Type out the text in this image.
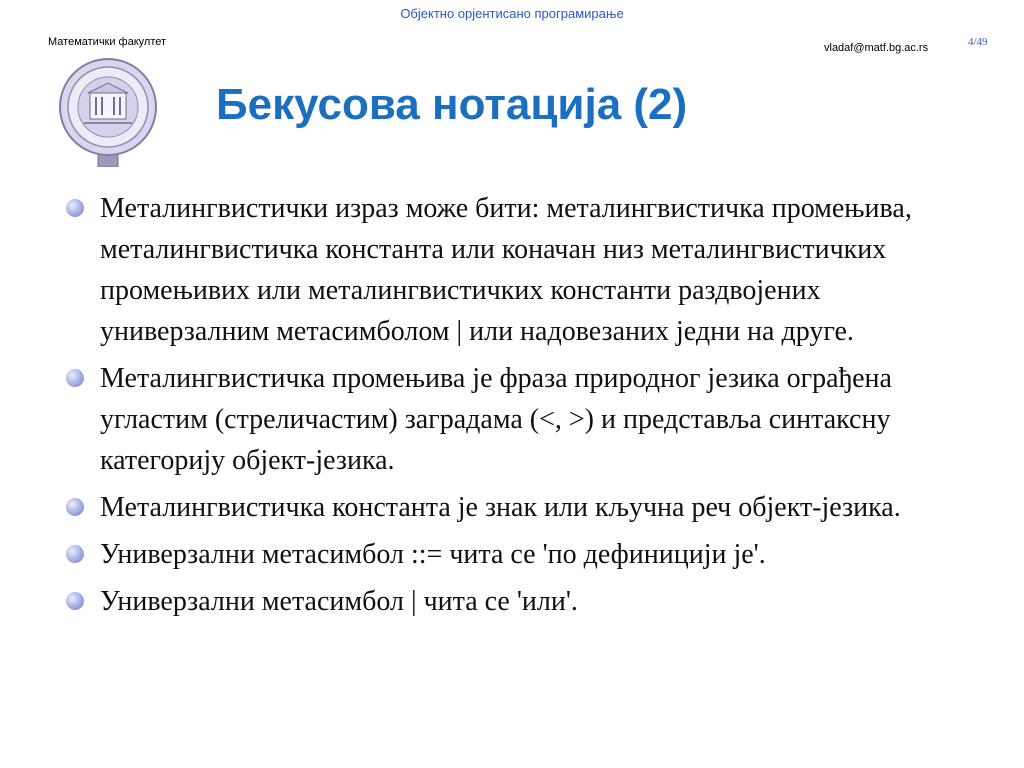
Објектно орјентисано програмирање
Математички факултет	vladaf@matf.bg.ac.rs	4/49
Бекусова нотација (2)
Металингвистички израз може бити: металингвистичка промењива, металингвистичка константа или коначан низ металингвистичких промењивих или металингвистичких константи раздвојених универзалним метасимболом | или надовезаних једни на друге.
Металингвистичка промењива је фраза природног језика ограђена угластим (стреличастим) заградама (<, >) и представља синтаксну категорију објект-језика.
Металингвистичка константа је знак или кључна реч објект-језика.
Универзални метасимбол ::= чита се 'по дефиницији је'.
Универзални метасимбол | чита се 'или'.
